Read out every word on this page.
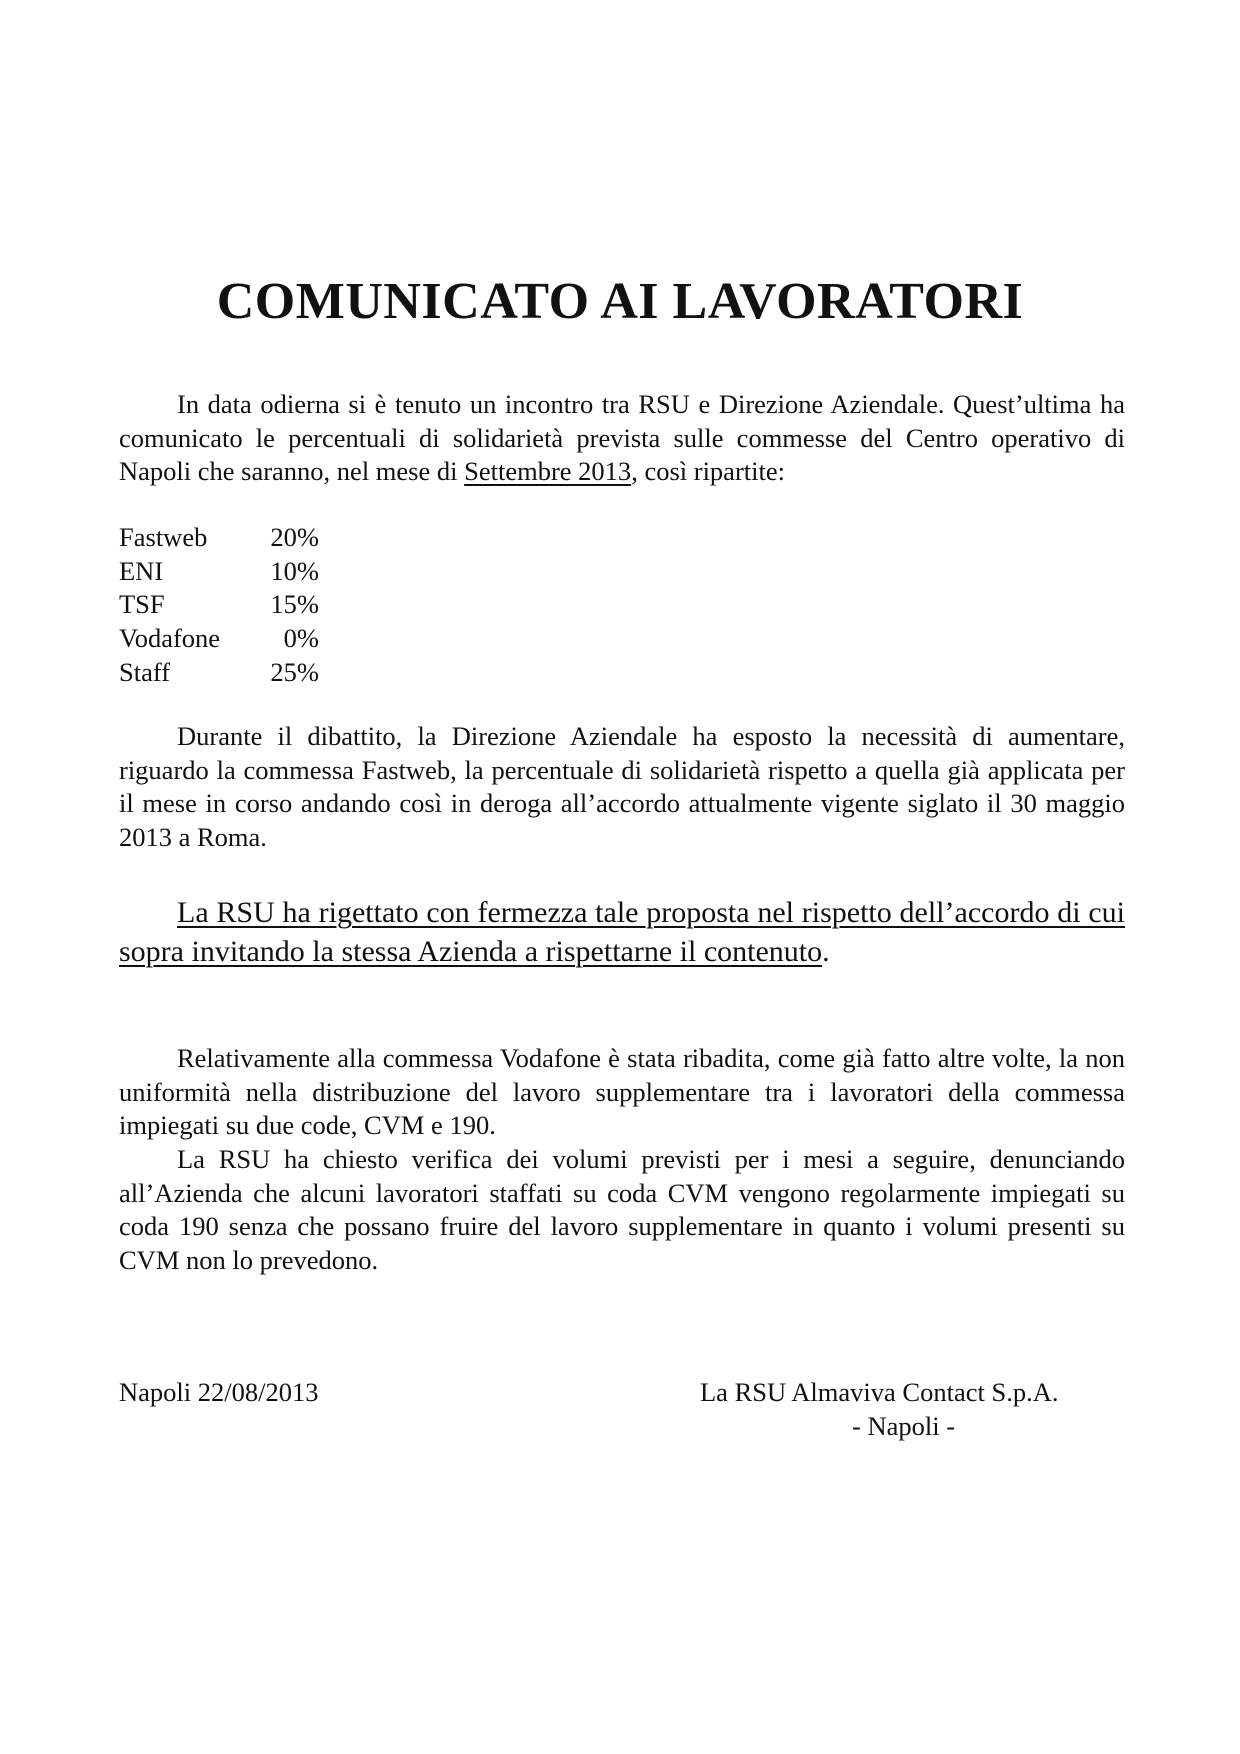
COMUNICATO AI LAVORATORI

In data odierna si è tenuto un incontro tra RSU e Direzione Aziendale. Quest’ultima ha comunicato le percentuali di solidarietà prevista sulle commesse del Centro operativo di Napoli che saranno, nel mese di Settembre 2013, così ripartite:

Fastweb	20%
ENI	10%
TSF	15%
Vodafone	0%
Staff	25%

Durante il dibattito, la Direzione Aziendale ha esposto la necessità di aumentare, riguardo la commessa Fastweb, la percentuale di solidarietà rispetto a quella già applicata per il mese in corso andando così in deroga all’accordo attualmente vigente siglato il 30 maggio 2013 a Roma.

La RSU ha rigettato con fermezza tale proposta nel rispetto dell’accordo di cui sopra invitando la stessa Azienda a rispettarne il contenuto.

Relativamente alla commessa Vodafone è stata ribadita, come già fatto altre volte, la non uniformità nella distribuzione del lavoro supplementare tra i lavoratori della commessa impiegati su due code, CVM e 190.

La RSU ha chiesto verifica dei volumi previsti per i mesi a seguire, denunciando all’Azienda che alcuni lavoratori staffati su coda CVM vengono regolarmente impiegati su coda 190 senza che possano fruire del lavoro supplementare in quanto i volumi presenti su CVM non lo prevedono.

Napoli 22/08/2013	La RSU Almaviva Contact S.p.A.
- Napoli -
